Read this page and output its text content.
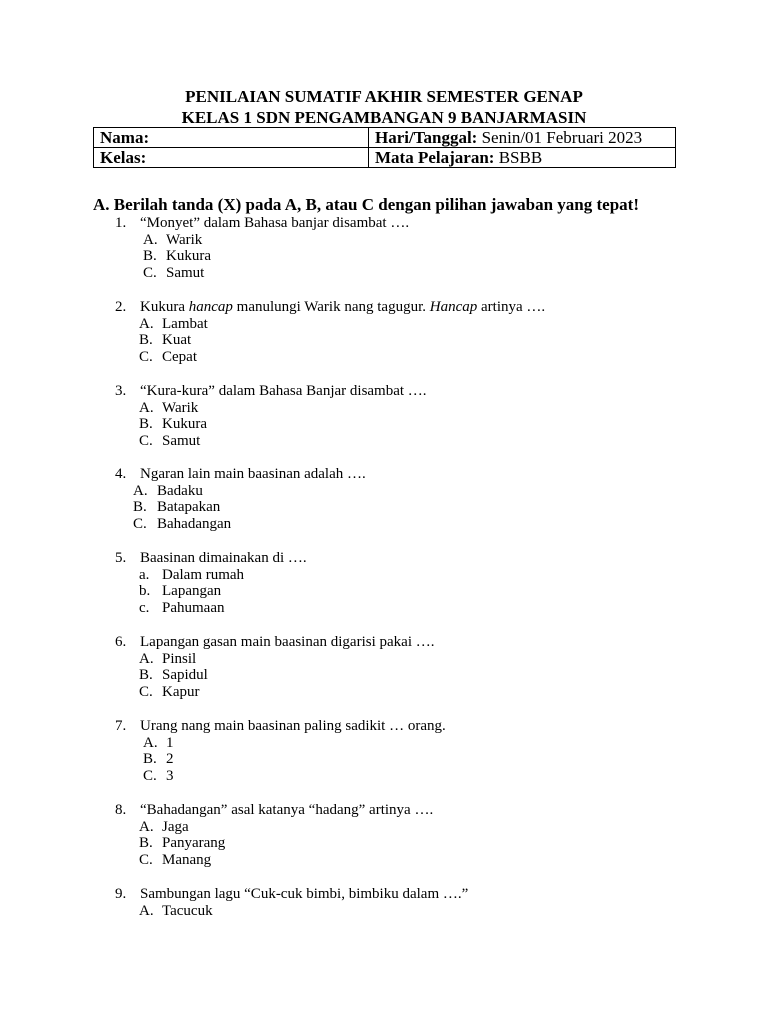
PENILAIAN SUMATIF AKHIR SEMESTER GENAP
KELAS 1 SDN PENGAMBANGAN 9 BANJARMASIN
Nama:	Hari/Tanggal: Senin/01 Februari 2023
Kelas:	Mata Pelajaran: BSBB
A. Berilah tanda (X) pada A, B, atau C dengan pilihan jawaban yang tepat!
1. “Monyet” dalam Bahasa banjar disambat ….
A. Warik
B. Kukura
C. Samut
2. Kukura hancap manulungi Warik nang tagugur. Hancap artinya ….
A. Lambat
B. Kuat
C. Cepat
3. “Kura-kura” dalam Bahasa Banjar disambat ….
A. Warik
B. Kukura
C. Samut
4. Ngaran lain main baasinan adalah ….
A. Badaku
B. Batapakan
C. Bahadangan
5. Baasinan dimainakan di ….
a. Dalam rumah
b. Lapangan
c. Pahumaan
6. Lapangan gasan main baasinan digarisi pakai ….
A. Pinsil
B. Sapidul
C. Kapur
7. Urang nang main baasinan paling sadikit … orang.
A. 1
B. 2
C. 3
8. “Bahadangan” asal katanya “hadang” artinya ….
A. Jaga
B. Panyarang
C. Manang
9. Sambungan lagu “Cuk-cuk bimbi, bimbiku dalam ….”
A. Tacucuk
